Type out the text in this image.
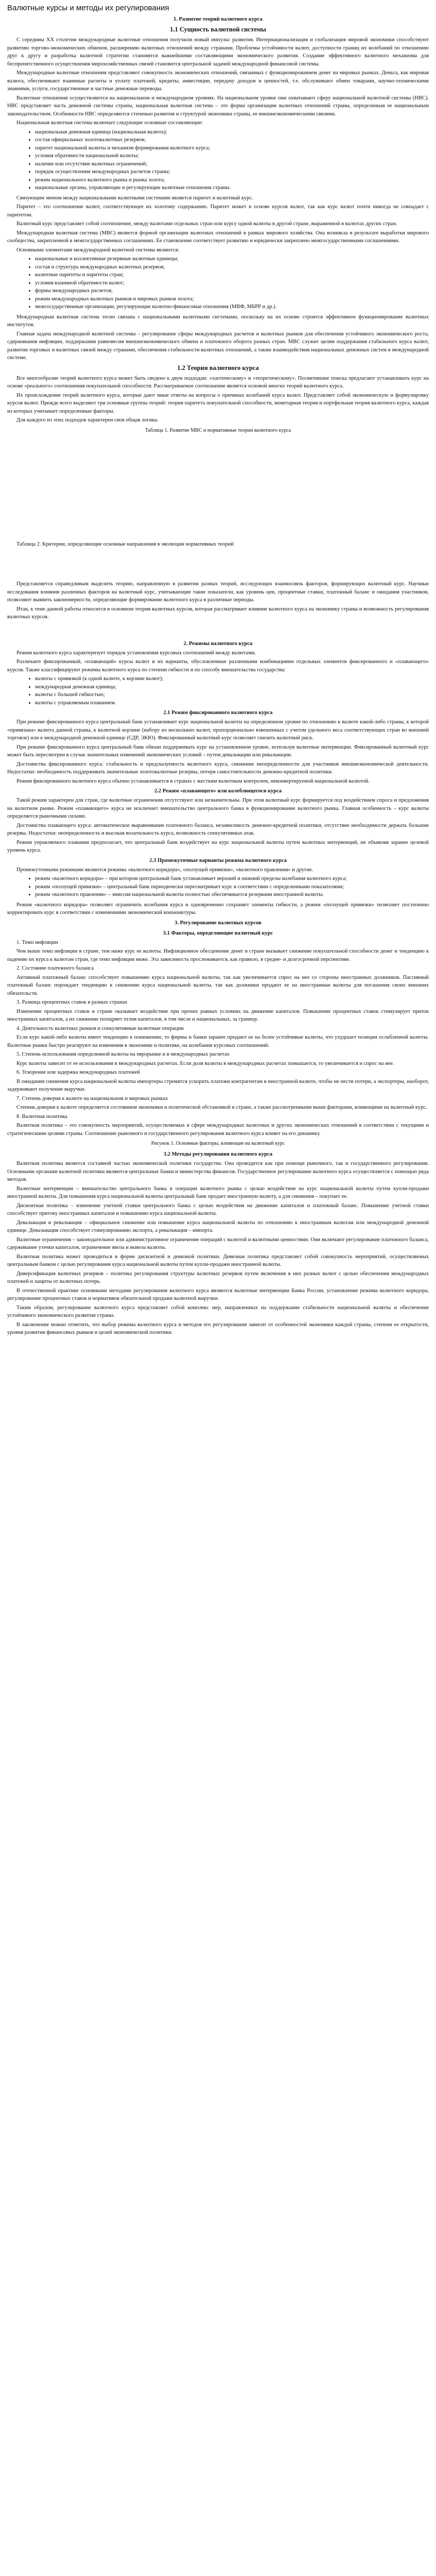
Валютные курсы и методы их регулирования
1. Развитие теорий валютного курса
1.1 Сущность валютной системы

С середины XX столетия международные валютные отношения получили новый импульс развития. Интернационализация и глобализация мировой экономики способствуют развитию торгово-экономических обменов, расширению валютных отношений между странами. Проблемы устойчивости валют, доступности границ их колебаний по отношению друг к другу и разработка валютной стратегии становятся важнейшими составляющими экономического развития. Создание эффективного валютного механизма для беспрепятственного осуществления мирохозяйственных связей становится центральной задачей международной финансовой системы.

Международные валютные отношения представляют совокупность экономических отношений, связанных с функционированием денег на мировых рынках. Деньга, как мировая валюта, обеспечивают взаимные расчеты и уплату платежей, кредиты, инвестиции, передачу доходов и ценностей, т.е. обслуживают обмен товарами, научно-техническими знаниями, услуги, государственные и частные денежные переводы.

Валютные отношения осуществляются на национальном и международном уровнях. На национальном уровне они охватывают сферу национальной валютной системы (НВС). НВС представляет часть денежной системы страны, национальная валютная система – это форма организации валютных отношений страны, определенная ее национальным законодательством. Особенности НВС определяются степенью развития и структурой экономики страны, ее внешнеэкономическими связями.

Национальная валютная система включает следующие основные составляющие:

• национальная денежная единица (национальная валюта);
• состав официальных золотовалютных резервов;
• паритет национальной валюты и механизм формирования валютного курса;
• условия обратимости национальной валюты;
• наличие или отсутствие валютных ограничений;
• порядок осуществления международных расчетов страны;
• режим национального валютного рынка и рынка золота;
• национальные органы, управляющие и регулирующие валютные отношения страны.

Связующим звеном между национальными валютными системами является паритет и валютный курс.

Паритет – это соотношение валют, соответствующее их золотому содержанию. Паритет может в основе курсов валют, так как курс валют почти никогда не совпадает с паритетом.

Валютный курс представляет собой соотношение, между валютами отдельных стран или курсу одной валюты в другой стране, выраженной в валютах других стран.

Международная валютная система (МВС) является формой организации валютных отношений в рамках мирового хозяйства. Она возникла в результате выработки мирового сообщества, закрепленной в межгосударственных соглашениях. Ее становление соответствует развитию и юридически закреплено межгосударственными соглашениями.

Основными элементами международной валютной системы являются:

• национальные и коллективные резервные валютные единицы;
• состав и структура международных валютных резервов;
• валютные паритеты и паритеты стран;
• условия взаимной обратимости валют;
• формы международных расчетов;
• режим международных валютных рынков и мировых рынков золота;
• межгосударственные организации, регулирующие валютно-финансовые отношения (МВФ, МБРР и др.).

Международная валютная система тесно связана с национальными валютными системами, поскольку на их основе строится эффективное функционирование валютных институтов.

Главная задача международной валютной системы – регулирование сферы международных расчетов и валютных рынков для обеспечения устойчивого экономического роста, сдерживания инфляции, поддержания равновесия внешнеэкономического обмена и платежного оборота разных стран. МВС служит целям поддержания стабильного курса валют, развития торговых и валютных связей между странами, обеспечения стабильности валютных отношений, а также взаимодействия национальных денежных систем в международной системе.

1.2 Теория валютного курса

Все многообразие теорий валютного курса может быть сведено к двум подходам: «хаотическому» и «теоретическому». Посвятившие поиска предлагают устанавливать курс на основе «реального» соотношения покупательной способности. Рассматриваемое соотношение является основой многих теорий валютного курса.

Их происхождение теорий валютного курса, которые дают иные ответы на вопросы о причинах колебаний курса валют. Представляет собой экономическую и формулировку курсов валют. Прежде всего выделяют три основные группы теорий: теория паритета покупательной способности, монетарная теория и портфельная теория валютного курса, каждая из которых учитывает определенные факторы.

Для каждого из этих подходов характерен своя общая логика.

Таблица 1. Развитие МВС и нормативные теории валютного курса

Таблица 2. Критерии, определяющие основные направления в эволюции нормативных теорий

Представляется справедливым выделить теорию, направленную в развитии разных теорий, исследующих взаимосвязь факторов, формирующих валютный курс. Научные исследования влияния различных факторов на валютный курс, учитывающие такие показатели, как уровень цен, процентные ставки, платежный баланс и ожидания участников, позволяют выявить закономерности, определяющие формирование валютного курса в различные периоды.

Итак, к теме данной работы относится в основном теория валютных курсов, которая рассматривает влияние валютного курса на экономику страны и возможность регулирования валютных курсов.

2. Режимы валютного курса

Режим валютного курса характеризует порядок установления курсовых соотношений между валютами.

Различают фиксированный, «плавающий» курсы валют и их варианты, обусловленные различными комбинациями отдельных элементов фиксированного и «плавающего» курсов. Также классифицируют режимы валютного курса по степени гибкости и по способу вмешательства государства:

• валюты с привязкой (к одной валюте, к корзине валют);
• международная денежная единица;
• валюты с большей гибкостью;
• валюты с управляемым плаванием.
2.1 Режим фиксированного валютного курса

При режиме фиксированного курса центральный банк устанавливает курс национальной валюты на определенном уровне по отношению к валюте какой-либо страны, к которой «привязана» валюта данной страны, к валютной корзине (набору из нескольких валют, пропорционально взвешенных с учетом удельного веса соответствующих стран во внешней торговле) или к международной денежной единице (СДР, ЭКЮ). Фиксированный валютный курс позволяет снизить валютный риск.

При режиме фиксированного курса центральный банк обязан поддерживать курс на установленном уровне, используя валютные интервенции. Фиксированный валютный курс может быть пересмотрен в случае значительных изменений экономических условий – путем девальвации или ревальвации.

Достоинства фиксированного курса: стабильность и предсказуемость валютного курса, снижение неопределенности для участников внешнеэкономической деятельности. Недостатки: необходимость поддерживать значительные золотовалютные резервы, потеря самостоятельности денежно-кредитной политики.

Режим фиксированного валютного курса обычно устанавливается в странах с жестким валютным контролем, неконвертируемой национальной валютой.

2.2 Режим «плавающего» или колеблющегося курса

Такой режим характерен для стран, где валютные ограничения отсутствуют или незначительны. При этом валютный курс формируется под воздействием спроса и предложения на валютном рынке. Режим «плавающего» курса не исключает вмешательство центрального банка в функционирование валютного рынка. Главная особенность – курс валюты определяется рыночными силами.

Достоинства плавающего курса: автоматическое выравнивание платежного баланса, независимость денежно-кредитной политики, отсутствие необходимости держать большие резервы. Недостатки: неопределенность и высокая волатильность курса, возможность спекулятивных атак.

Режим управляемого плавания предполагает, что центральный банк воздействует на курс национальной валюты путем валютных интервенций, не объявляя заранее целевой уровень курса.

2.3 Промежуточные варианты режима валютного курса

Промежуточными режимами являются режимы «валютного коридора», «ползущей привязки», «валютного правления» и другие.

• режим «валютного коридора» – при котором центральный банк устанавливает верхний и нижний пределы колебания валютного курса;
• режим «ползущей привязки» – центральный банк периодически пересматривает курс в соответствии с определенными показателями;
• режим «валютного правления» – эмиссия национальной валюты полностью обеспечивается резервами иностранной валюты.

Режим «валютного коридора» позволяет ограничить колебания курса и одновременно сохраняет элементы гибкости, а режим «ползущей привязки» позволяет постепенно корректировать курс в соответствии с изменениями экономической конъюнктуры.

3. Регулирование валютных курсов
3.1 Факторы, определяющие валютный курс

1. Темп инфляции

Чем выше темп инфляции в стране, тем ниже курс ее валюты. Инфляционное обесценение денег в стране вызывает снижение покупательной способности денег и тенденцию к падению их курса к валютам стран, где темп инфляции ниже. Эта зависимость прослеживается, как правило, в средне- и долгосрочной перспективе.

2. Состояние платежного баланса

Активный платежный баланс способствует повышению курса национальной валюты, так как увеличивается спрос на нее со стороны иностранных должников. Пассивный платежный баланс порождает тенденцию к снижению курса национальной валюты, так как должники продают ее на иностранные валюты для погашения своих внешних обязательств.

3. Разница процентных ставок в разных странах

Изменение процентных ставок в стране оказывает воздействие при прочих равных условиях на движение капиталов. Повышение процентных ставок стимулирует приток иностранных капиталов, а их снижение поощряет отлив капиталов, в том числе и национальных, за границу.

4. Деятельность валютных рынков и спекулятивные валютные операции

Если курс какой-либо валюты имеет тенденцию к понижению, то фирмы и банки заранее продают ее на более устойчивые валюты, что ухудшает позиции ослабленной валюты. Валютные рынки быстро реагируют на изменения в экономике и политике, на колебания курсовых соотношений.

5. Степень использования определенной валюты на еврорынке и в международных расчетах

Курс валюты зависит от ее использования в международных расчетах. Если доля валюты в международных расчетах повышается, то увеличивается и спрос на нее.

6. Ускорение или задержка международных платежей

В ожидании снижения курса национальной валюты импортеры стремятся ускорить платежи контрагентам в иностранной валюте, чтобы не нести потери, а экспортеры, наоборот, задерживают получение выручки.

7. Степень доверия к валюте на национальном и мировых рынках

Степень доверия к валюте определяется состоянием экономики и политической обстановкой в стране, а также рассмотренными выше факторами, влияющими на валютный курс.

8. Валютная политика

Валютная политика – это совокупность мероприятий, осуществляемых в сфере международных валютных и других экономических отношений в соответствии с текущими и стратегическими целями страны. Соотношение рыночного и государственного регулирования валютного курса влияет на его динамику.

Рисунок 1. Основные факторы, влияющие на валютный курс
3.2 Методы регулирования валютного курса

Валютная политика является составной частью экономической политики государства. Она проводится как при помощи рыночного, так и государственного регулирования. Основными органами валютной политики являются центральные банки и министерства финансов. Государственное регулирование валютного курса осуществляется с помощью ряда методов.

Валютные интервенции – вмешательство центрального банка в операции валютного рынка с целью воздействия на курс национальной валюты путем купли-продажи иностранной валюты. Для повышения курса национальной валюты центральный банк продает иностранную валюту, а для снижения – покупает ее.

Дисконтная политика – изменение учетной ставки центрального банка с целью воздействия на движение капиталов и платежный баланс. Повышение учетной ставки способствует притоку иностранных капиталов и повышению курса национальной валюты.

Девальвация и ревальвация – официальное снижение или повышение курса национальной валюты по отношению к иностранным валютам или международной денежной единице. Девальвация способствует стимулированию экспорта, а ревальвация – импорта.

Валютные ограничения – законодательное или административное ограничение операций с валютой и валютными ценностями. Они включают регулирование платежного баланса, сдерживание утечки капиталов, ограничение ввоза и вывоза валюты.

Валютная политика может проводиться в форме дисконтной и девизной политики. Девизная политика представляет собой совокупность мероприятий, осуществляемых центральным банком с целью регулирования курса национальной валюты путем купли-продажи иностранной валюты.

Диверсификация валютных резервов – политика регулирования структуры валютных резервов путем включения в них разных валют с целью обеспечения международных платежей и защиты от валютных потерь.

В отечественной практике основными методами регулирования валютного курса являются валютные интервенции Банка России, установление режима валютного коридора, регулирование процентных ставок и нормативов обязательной продажи валютной выручки.

Таким образом, регулирование валютного курса представляет собой комплекс мер, направленных на поддержание стабильности национальной валюты и обеспечение устойчивого экономического развития страны.

В заключение можно отметить, что выбор режима валютного курса и методов его регулирования зависит от особенностей экономики каждой страны, степени ее открытости, уровня развития финансовых рынков и целей экономической политики.
